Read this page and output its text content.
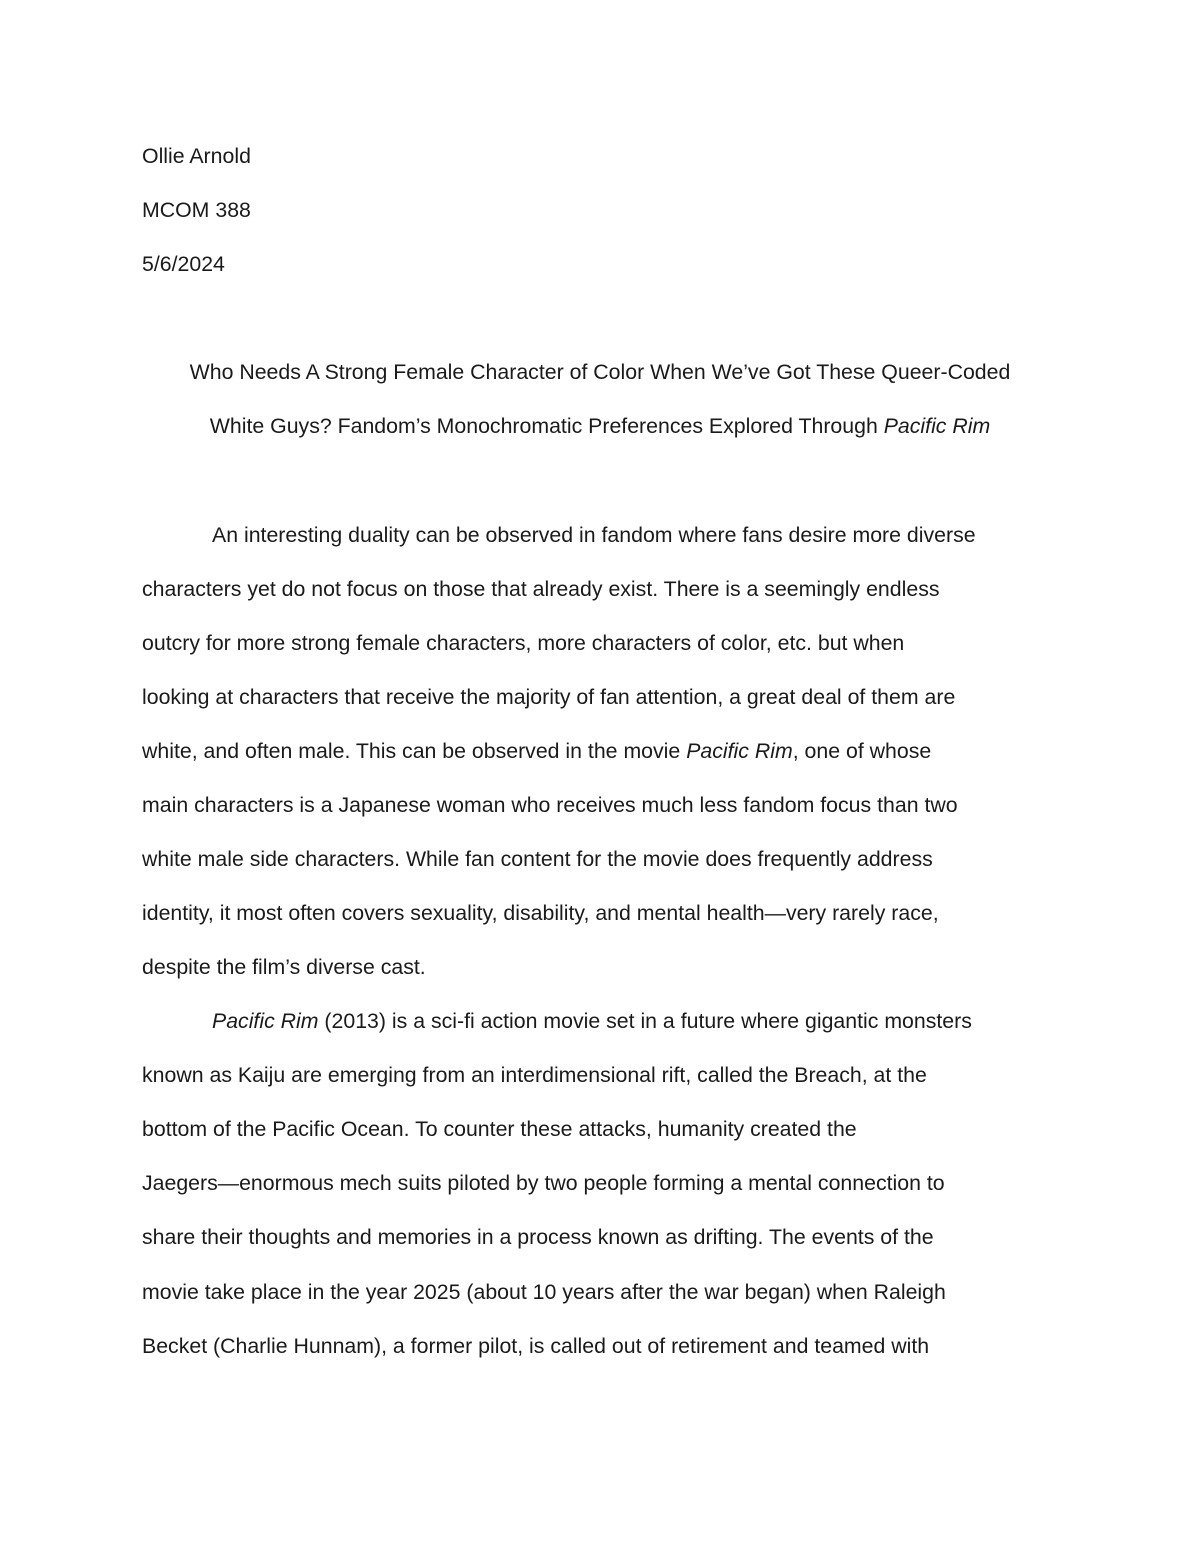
Ollie Arnold

MCOM 388

5/6/2024

Who Needs A Strong Female Character of Color When We’ve Got These Queer-Coded

White Guys? Fandom’s Monochromatic Preferences Explored Through Pacific Rim

An interesting duality can be observed in fandom where fans desire more diverse

characters yet do not focus on those that already exist. There is a seemingly endless

outcry for more strong female characters, more characters of color, etc. but when

looking at characters that receive the majority of fan attention, a great deal of them are

white, and often male. This can be observed in the movie Pacific Rim, one of whose

main characters is a Japanese woman who receives much less fandom focus than two

white male side characters. While fan content for the movie does frequently address

identity, it most often covers sexuality, disability, and mental health—very rarely race,

despite the film’s diverse cast.

Pacific Rim (2013) is a sci-fi action movie set in a future where gigantic monsters

known as Kaiju are emerging from an interdimensional rift, called the Breach, at the

bottom of the Pacific Ocean. To counter these attacks, humanity created the

Jaegers—enormous mech suits piloted by two people forming a mental connection to

share their thoughts and memories in a process known as drifting. The events of the

movie take place in the year 2025 (about 10 years after the war began) when Raleigh

Becket (Charlie Hunnam), a former pilot, is called out of retirement and teamed with
